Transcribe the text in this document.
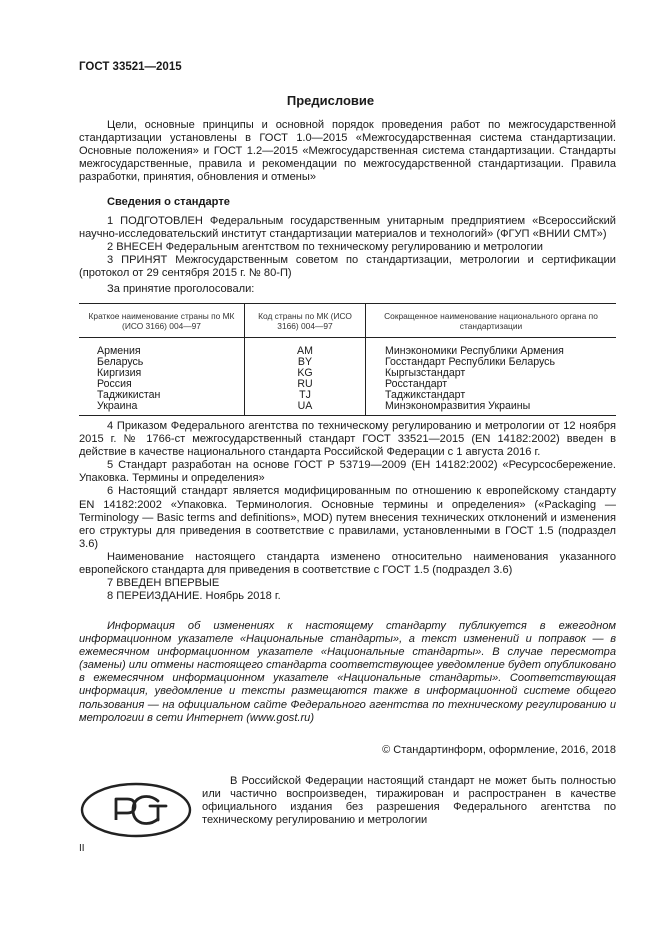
ГОСТ 33521—2015
Предисловие

Цели, основные принципы и основной порядок проведения работ по межгосударственной стандартизации установлены в ГОСТ 1.0—2015 «Межгосударственная система стандартизации. Основные положения» и ГОСТ 1.2—2015 «Межгосударственная система стандартизации. Стандарты межгосударственные, правила и рекомендации по межгосударственной стандартизации. Правила разработки, принятия, обновления и отмены»

Сведения о стандарте

1 ПОДГОТОВЛЕН Федеральным государственным унитарным предприятием «Всероссийский научно-исследовательский институт стандартизации материалов и технологий» (ФГУП «ВНИИ СМТ»)

2 ВНЕСЕН Федеральным агентством по техническому регулированию и метрологии

3 ПРИНЯТ Межгосударственным советом по стандартизации, метрологии и сертификации (протокол от 29 сентября 2015 г. № 80-П)

За принятие проголосовали:

Краткое наименование страны по МК (ИСО 3166) 004—97	Код страны по МК (ИСО 3166) 004—97	Сокращенное наименование национального органа по стандартизации
Армения	AM	Минэкономики Республики Армения
Беларусь	BY	Госстандарт Республики Беларусь
Киргизия	KG	Кыргызстандарт
Россия	RU	Росстандарт
Таджикистан	TJ	Таджикстандарт
Украина	UA	Минэкономразвития Украины

4 Приказом Федерального агентства по техническому регулированию и метрологии от 12 ноября 2015 г. № 1766-ст межгосударственный стандарт ГОСТ 33521—2015 (EN 14182:2002) введен в действие в качестве национального стандарта Российской Федерации с 1 августа 2016 г.

5 Стандарт разработан на основе ГОСТ Р 53719—2009 (ЕН 14182:2002) «Ресурсосбережение. Упаковка. Термины и определения»

6 Настоящий стандарт является модифицированным по отношению к европейскому стандарту EN 14182:2002 «Упаковка. Терминология. Основные термины и определения» («Packaging — Terminology — Basic terms and definitions», MOD) путем внесения технических отклонений и изменения его структуры для приведения в соответствие с правилами, установленными в ГОСТ 1.5 (подраздел 3.6)

Наименование настоящего стандарта изменено относительно наименования указанного европейского стандарта для приведения в соответствие с ГОСТ 1.5 (подраздел 3.6)

7 ВВЕДЕН ВПЕРВЫЕ

8 ПЕРЕИЗДАНИЕ. Ноябрь 2018 г.

Информация об изменениях к настоящему стандарту публикуется в ежегодном информационном указателе «Национальные стандарты», а текст изменений и поправок — в ежемесячном информационном указателе «Национальные стандарты». В случае пересмотра (замены) или отмены настоящего стандарта соответствующее уведомление будет опубликовано в ежемесячном информационном указателе «Национальные стандарты». Соответствующая информация, уведомление и тексты размещаются также в информационной системе общего пользования — на официальном сайте Федерального агентства по техническому регулированию и метрологии в сети Интернет (www.gost.ru)

© Стандартинформ, оформление, 2016, 2018

В Российской Федерации настоящий стандарт не может быть полностью или частично воспроизведен, тиражирован и распространен в качестве официального издания без разрешения Федерального агентства по техническому регулированию и метрологии

II
